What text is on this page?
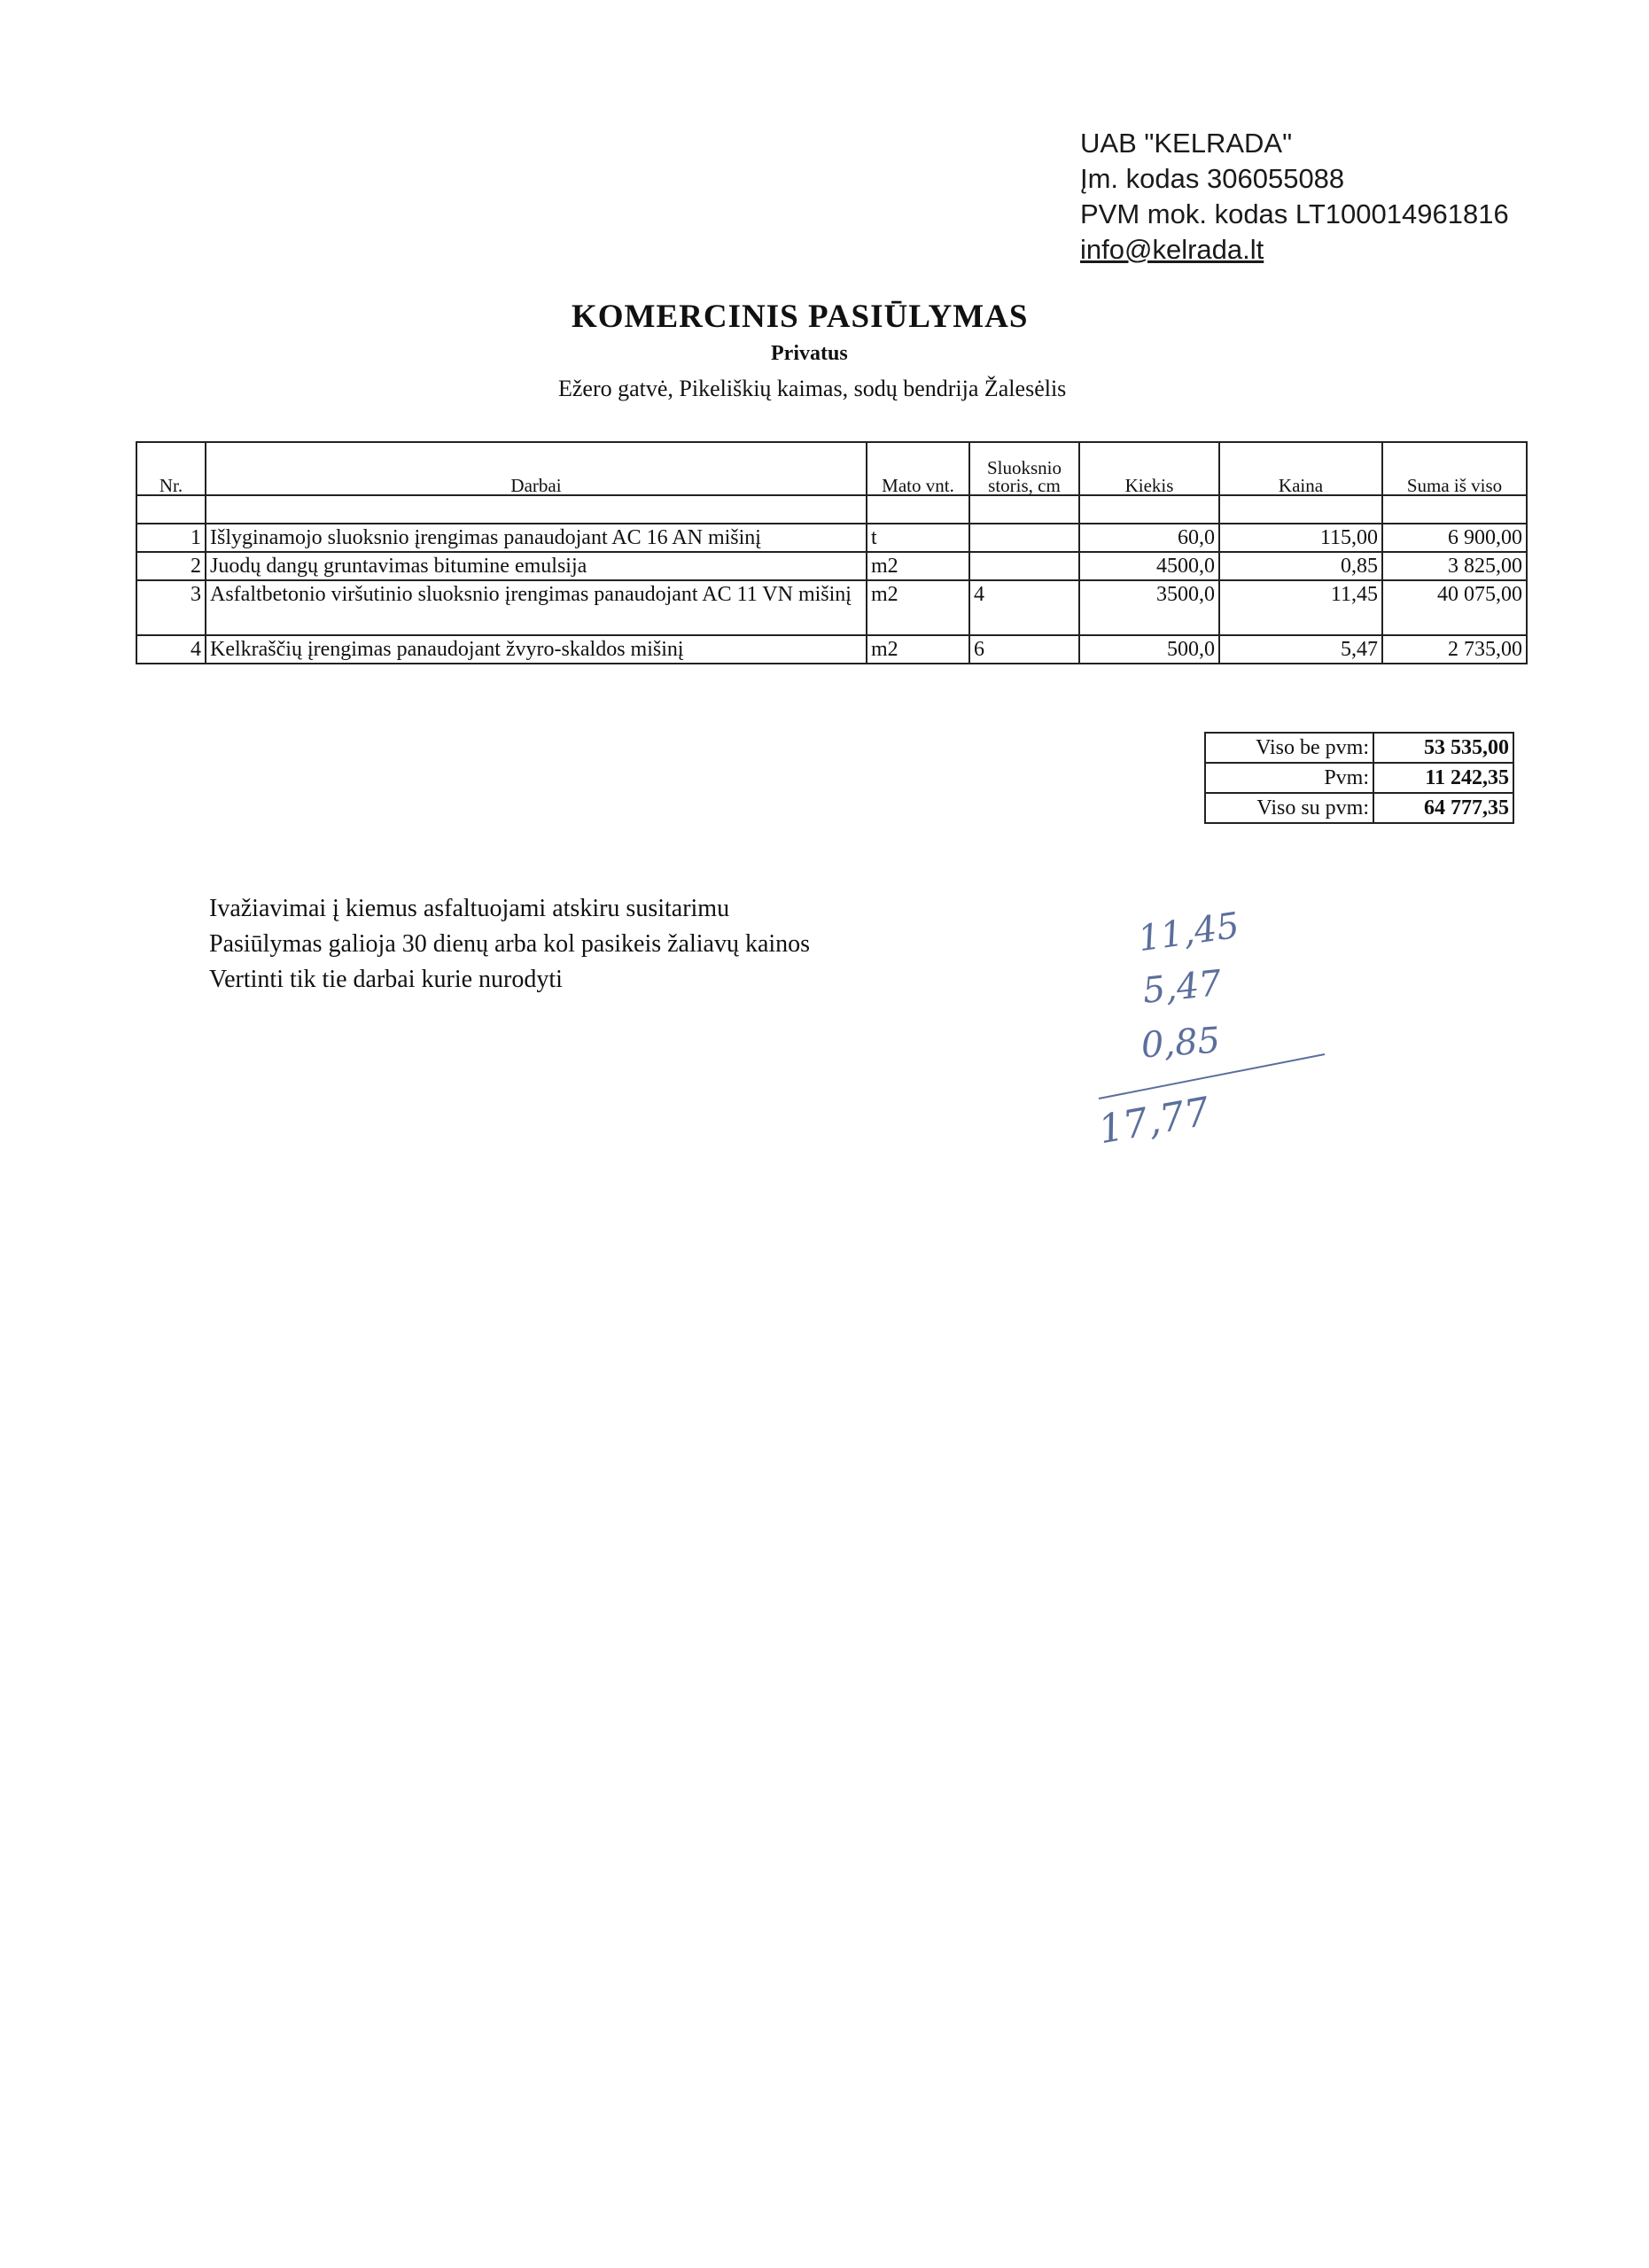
UAB "KELRADA"
Įm. kodas 306055088
PVM mok. kodas LT100014961816
info@kelrada.lt
KOMERCINIS PASIŪLYMAS
Privatus
Ežero gatvė, Pikeliškių kaimas, sodų bendrija Žalesėlis
Nr.	Darbai	Mato vnt.	Sluoksnio storis, cm	Kiekis	Kaina	Suma iš viso

1	Išlyginamojo sluoksnio įrengimas panaudojant AC 16 AN mišinį	t		60,0	115,00	6 900,00
2	Juodų dangų gruntavimas bitumine emulsija	m2		4500,0	0,85	3 825,00
3	Asfaltbetonio viršutinio sluoksnio įrengimas panaudojant AC 11 VN mišinį	m2	4	3500,0	11,45	40 075,00
4	Kelkraščių įrengimas panaudojant žvyro-skaldos mišinį	m2	6	500,0	5,47	2 735,00
Viso be pvm:	53 535,00
Pvm:	11 242,35
Viso su pvm:	64 777,35
Ivažiavimai į kiemus asfaltuojami atskiru susitarimu
Pasiūlymas galioja 30 dienų arba kol pasikeis žaliavų kainos
Vertinti tik tie darbai kurie nurodyti
11,45
5,47
0,85
17,77
